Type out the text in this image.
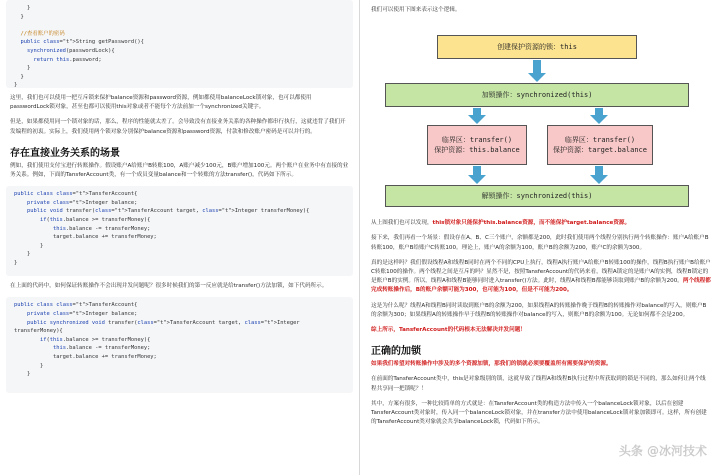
}
}

//查看账户的密码
public class="t">String getPassword(){
synchronized(passwordLock){
return this.password;
}
}
}

这里，我们也可以使用一把互斥锁来保护balance资源和password资源，例如都使用balanceLock锁对象，也可以都使用passwordLock锁对象，甚至也都可以使用this对象或者不能每个方法前加一个synchronized关键字。

但是，如果都使用同一个锁对象的话，那么，程序的性能就太差了。会导致没有直接业务关系的各种操作都串行执行，这就违背了我们开发编程的初衷。实际上，我们使用两个锁对象分别保护balance资源和password资源，付款和修改账户密码是可以并行的。

存在直接业务关系的场景

例如，我们使用支付宝进行转账操作。假设账户A给账户B转账100，A账户减少100元，B账户增加100元。两个账户在业务中有直接的业务关系。例如，下面的TansferAccount类，有一个成员变量balance和一个转账的方法transfer()，代码如下所示。

public class class="t">TansferAccount{
private class="t">Integer balance;
public void transfer(class="t">TansferAccount target, class="t">Integer transferMoney){
if(this.balance >= transferMoney){
this.balance -= transferMoney;
target.balance += transferMoney;
}
}
}

在上面的代码中，如何保证转账操作不会出现并发问题呢？很多时候我们的第一反应就是给transfer()方法加锁，如下代码所示。

public class class="t">TansferAccount{
private class="t">Integer balance;
public synchronized void transfer(class="t">TansferAccount target, class="t">Integer
transferMoney){
if(this.balance >= transferMoney){
this.balance -= transferMoney;
target.balance += transferMoney;
}
}

我们可以使用下图来表示这个逻辑。

创建保护资源的锁：this
加锁操作：synchronized(this)
临界区：transfer()
保护资源：this.balance
临界区：transfer()
保护资源：target.balance
解锁操作：synchronized(this)

从上图我们也可以发现，this锁对象只能保护this.balance资源，而不能保护target.balance资源。

接下来，我们再看一个场景：假设存在A、B、C三个账户，余额都是200，此时我们使用两个线程分别执行两个转账操作：账户A给账户B转账100，账户B给账户C转账100。理论上，账户A的余额为100，账户B的余额为200，账户C的余额为300。

真的是这样吗？我们假设线程A和线程B同时在两个不同的CPU上执行，线程A执行账户A给账户B转账100的操作，线程B执行账户B给账户C转账100的操作。两个线程之间是互斥的吗？显然不是，按照TansferAccount的代码来看，线程A锁定的是账户A的实例，线程B锁定的是账户B的实例。所以，线程A和线程B能够同时进入transfer()方法。此时，线程A和线程B都能够读取到账户B的余额为200。两个线程都完成转账操作后，B的账户余额可能为300，也可能为100，但是不可能为200。

这是为什么呢？线程A和线程B同时读取到账户B的余额为200，如果线程A的转账操作晚于线程B的转账操作对balance的写入，则账户B的余额为300；如果线程A的转账操作早于线程B的转账操作对balance的写入，则账户B的余额为100。无论如何都不会是200。

综上所示，TansferAccount的代码根本无法解决并发问题！

正确的加锁

如果我们希望对转账操作中涉及的多个资源加锁，那我们的锁就必须要覆盖所有需要保护的资源。

在前面的TansferAccount类中，this是对象级别的锁，这就导致了线程A和线程B执行过程中所获取到的锁是不同的，那么如何让两个线程共享同一把锁呢？！

其中，方案有很多，一种比较简单的方式就是：在TansferAccount类的构造方法中传入一个balanceLock锁对象，以后在创建TansferAccount类对象时，传入同一个balanceLock锁对象，并在transfer方法中使用balanceLock锁对象加锁即可。这样，所有创建的TansferAccount类对象就会共享balanceLock锁，代码如下所示。

头条 @冰河技术
